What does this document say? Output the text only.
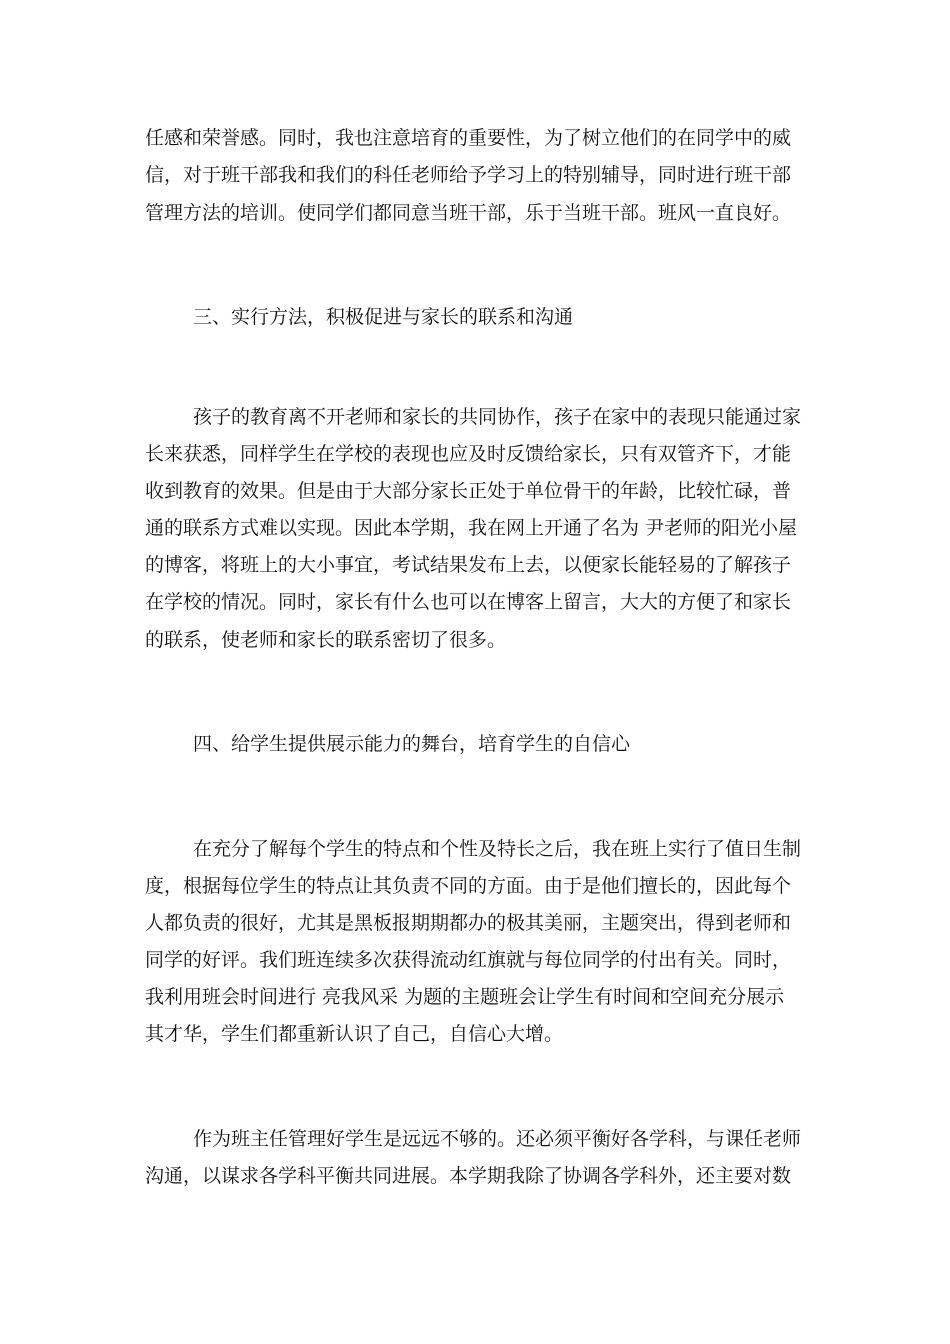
任感和荣誉感。同时，我也注意培育的重要性，为了树立他们的在同学中的威
信，对于班干部我和我们的科任老师给予学习上的特别辅导，同时进行班干部
管理方法的培训。使同学们都同意当班干部，乐于当班干部。班风一直良好。
三、实行方法，积极促进与家长的联系和沟通
孩子的教育离不开老师和家长的共同协作，孩子在家中的表现只能通过家
长来获悉，同样学生在学校的表现也应及时反馈给家长，只有双管齐下，才能
收到教育的效果。但是由于大部分家长正处于单位骨干的年龄，比较忙碌，普
通的联系方式难以实现。因此本学期，我在网上开通了名为 尹老师的阳光小屋
的博客，将班上的大小事宜，考试结果发布上去，以便家长能轻易的了解孩子
在学校的情况。同时，家长有什么也可以在博客上留言，大大的方便了和家长
的联系，使老师和家长的联系密切了很多。
四、给学生提供展示能力的舞台，培育学生的自信心
在充分了解每个学生的特点和个性及特长之后，我在班上实行了值日生制
度，根据每位学生的特点让其负责不同的方面。由于是他们擅长的，因此每个
人都负责的很好，尤其是黑板报期期都办的极其美丽，主题突出，得到老师和
同学的好评。我们班连续多次获得流动红旗就与每位同学的付出有关。同时，
我利用班会时间进行 亮我风采 为题的主题班会让学生有时间和空间充分展示
其才华，学生们都重新认识了自己，自信心大增。
作为班主任管理好学生是远远不够的。还必须平衡好各学科，与课任老师
沟通，以谋求各学科平衡共同进展。本学期我除了协调各学科外，还主要对数
